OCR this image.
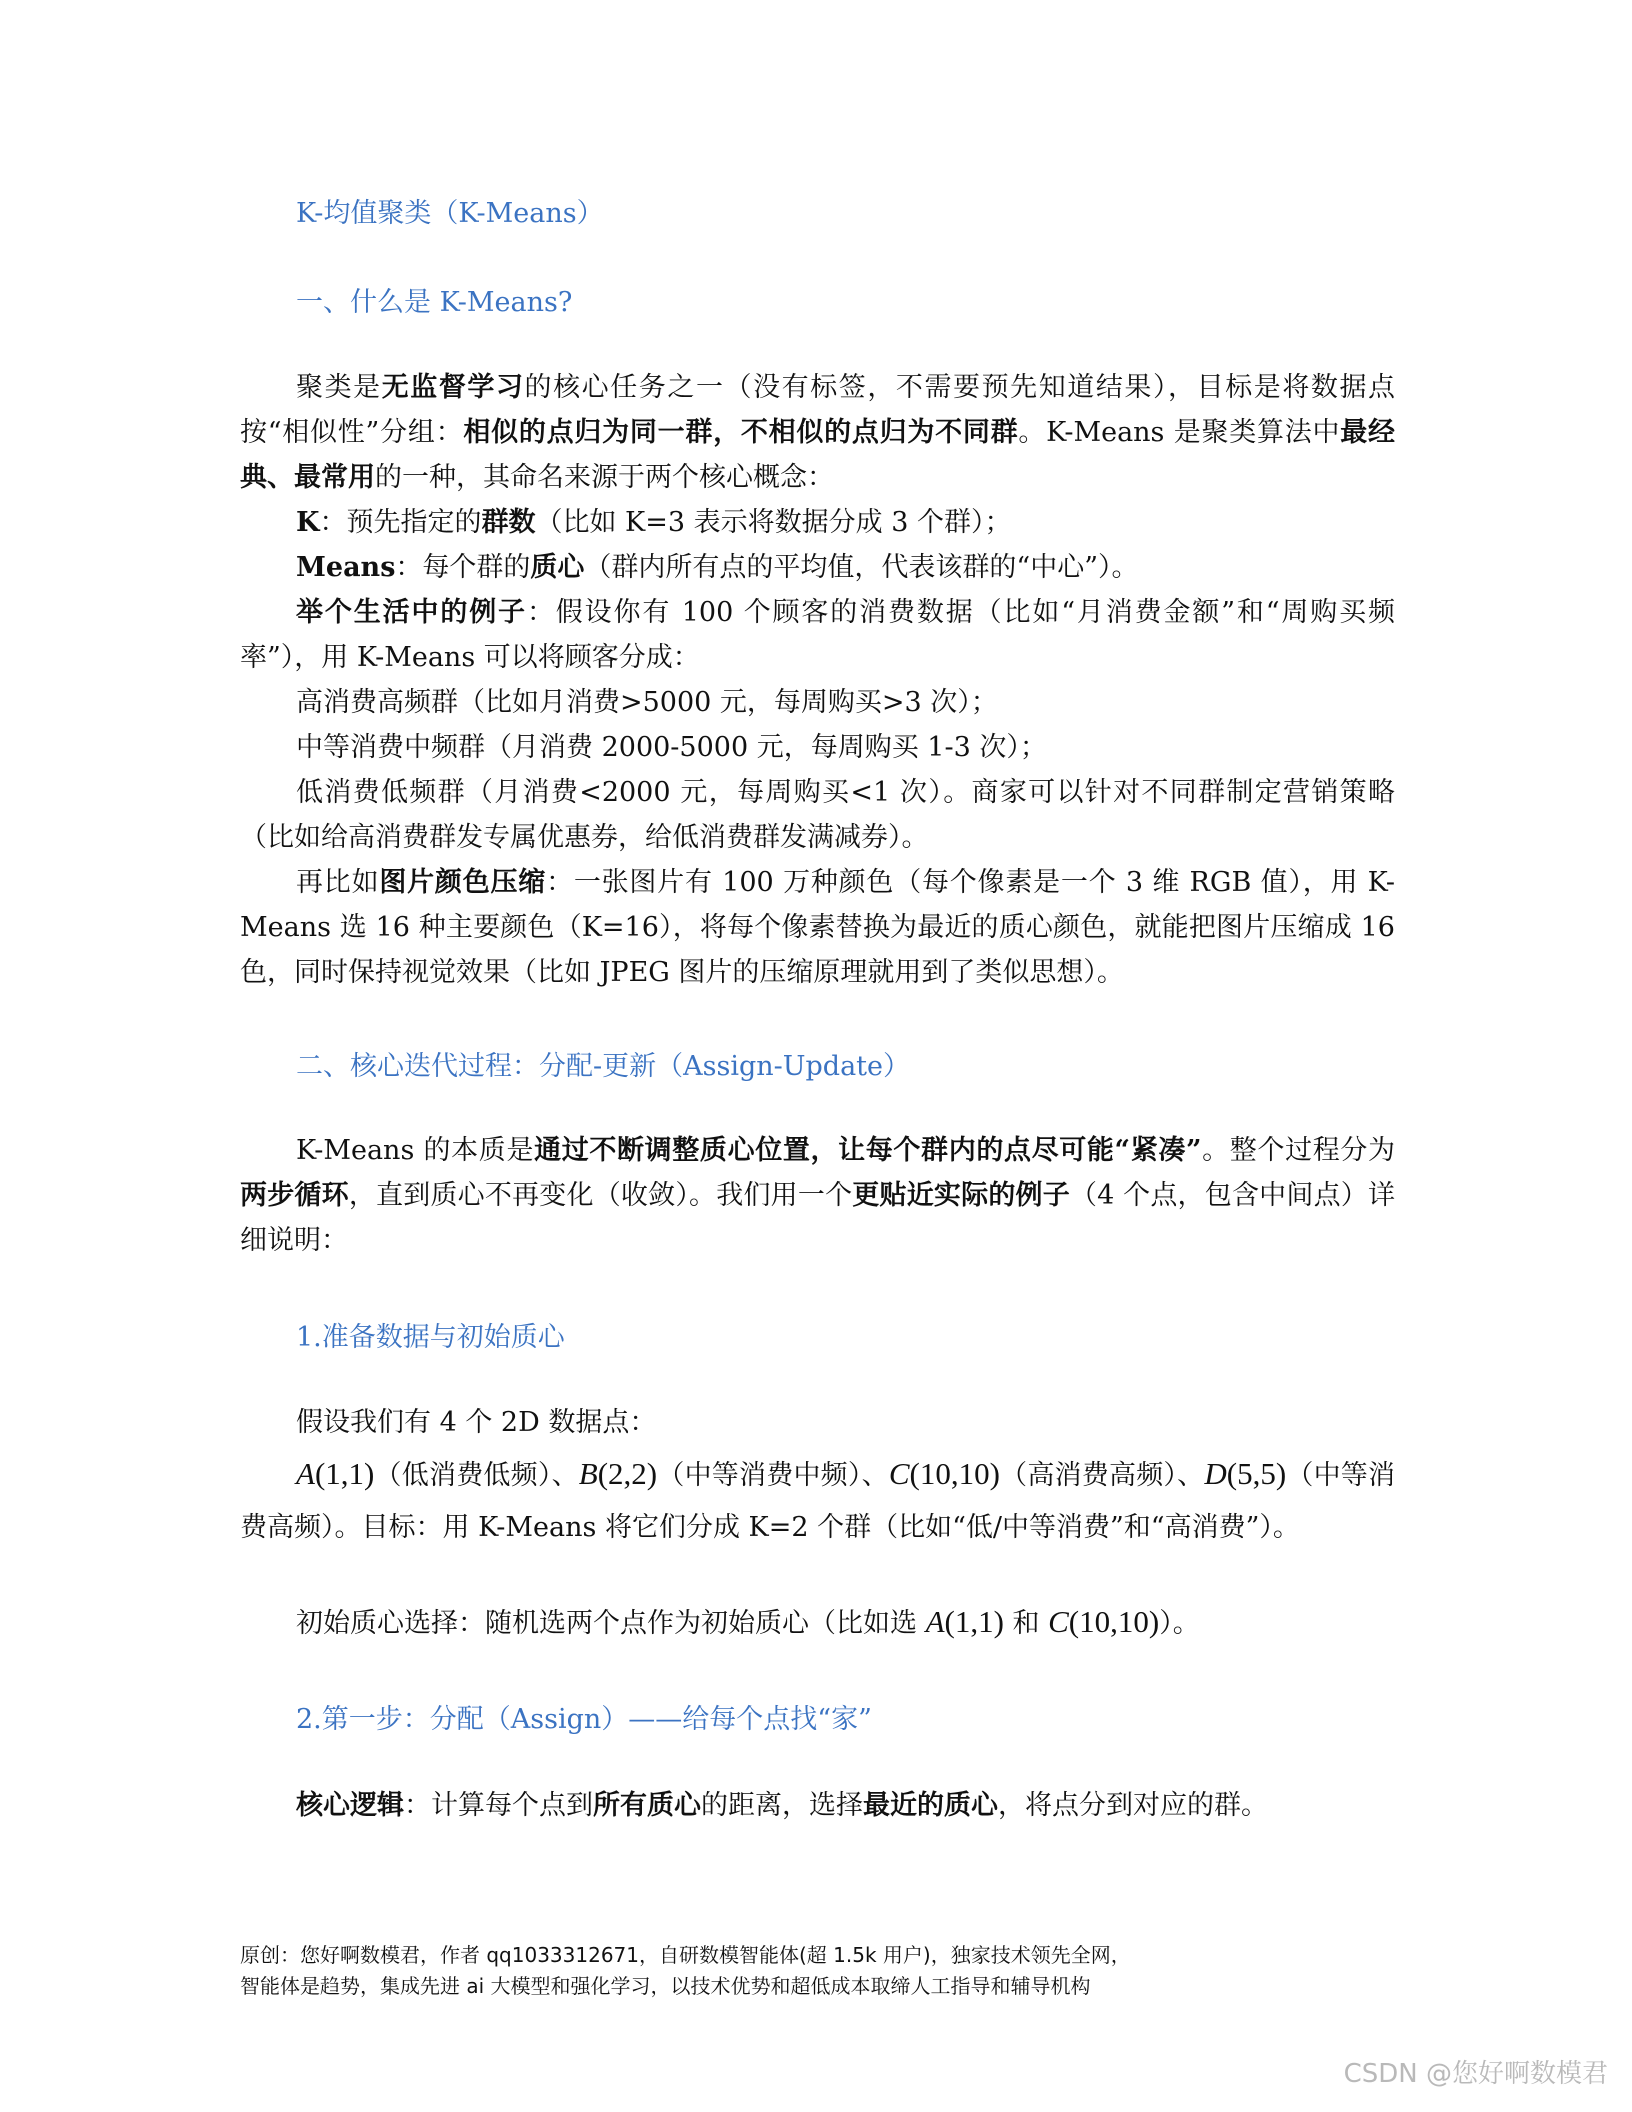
K-均值聚类（K-Means）
一、什么是 K-Means?

聚类是无监督学习的核心任务之一（没有标签，不需要预先知道结果），目标是将数据点按“相似性”分组：相似的点归为同一群，不相似的点归为不同群。K-Means 是聚类算法中最经典、最常用的一种，其命名来源于两个核心概念：

K：预先指定的群数（比如 K=3 表示将数据分成 3 个群）；

Means：每个群的质心（群内所有点的平均值，代表该群的“中心”）。

举个生活中的例子：假设你有 100 个顾客的消费数据（比如“月消费金额”和“周购买频率”），用 K-Means 可以将顾客分成：

高消费高频群（比如月消费>5000 元，每周购买>3 次）；

中等消费中频群（月消费 2000-5000 元，每周购买 1-3 次）；

低消费低频群（月消费<2000 元，每周购买<1 次）。商家可以针对不同群制定营销策略（比如给高消费群发专属优惠券，给低消费群发满减券）。

再比如图片颜色压缩：一张图片有 100 万种颜色（每个像素是一个 3 维 RGB 值），用 K-Means 选 16 种主要颜色（K=16），将每个像素替换为最近的质心颜色，就能把图片压缩成 16 色，同时保持视觉效果（比如 JPEG 图片的压缩原理就用到了类似思想）。

二、核心迭代过程：分配-更新（Assign-Update）

K-Means 的本质是通过不断调整质心位置，让每个群内的点尽可能“紧凑”。整个过程分为两步循环，直到质心不再变化（收敛）。我们用一个更贴近实际的例子（4 个点，包含中间点）详细说明：

1.准备数据与初始质心

假设我们有 4 个 2D 数据点：

A(1,1)（低消费低频）、B(2,2)（中等消费中频）、C(10,10)（高消费高频）、D(5,5)（中等消费高频）。目标：用 K-Means 将它们分成 K=2 个群（比如“低/中等消费”和“高消费”）。

初始质心选择：随机选两个点作为初始质心（比如选 A(1,1) 和 C(10,10)）。

2.第一步：分配（Assign）——给每个点找“家”

核心逻辑：计算每个点到所有质心的距离，选择最近的质心，将点分到对应的群。

原创：您好啊数模君，作者 qq1033312671，自研数模智能体(超 1.5k 用户)，独家技术领先全网，
智能体是趋势，集成先进 ai 大模型和强化学习，以技术优势和超低成本取缔人工指导和辅导机构
CSDN @您好啊数模君
